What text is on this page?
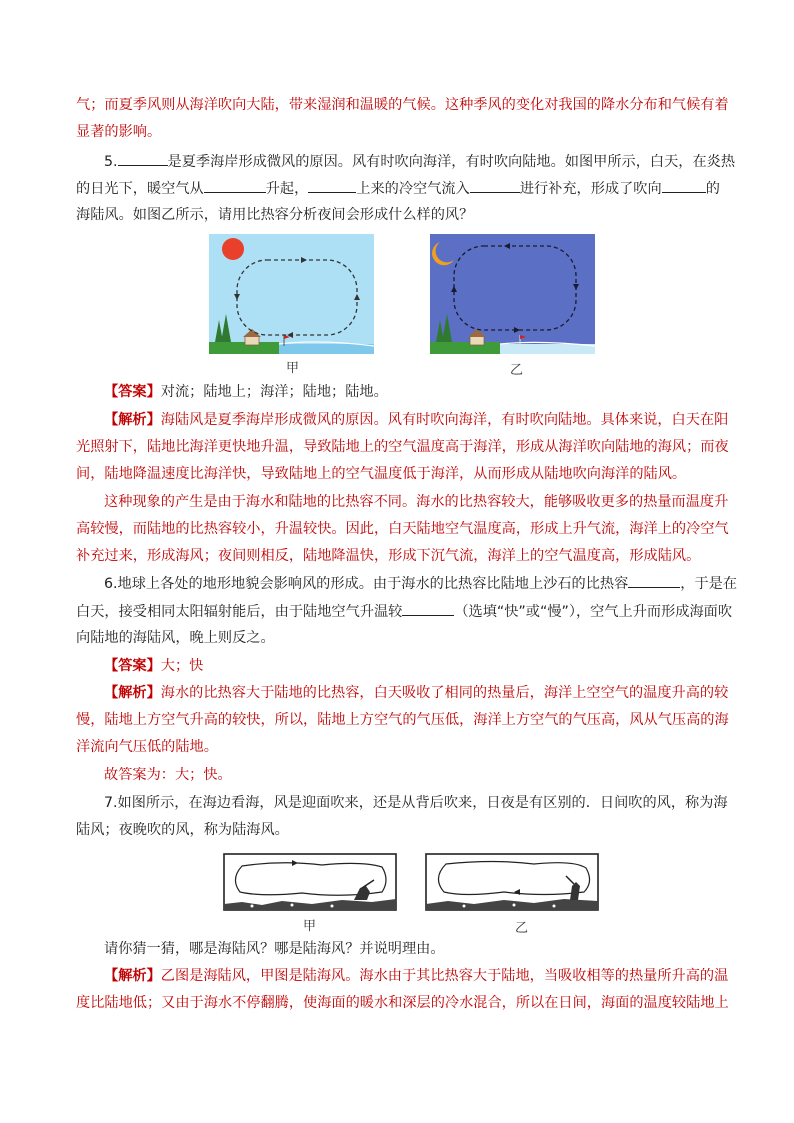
气；而夏季风则从海洋吹向大陆，带来湿润和温暖的气候。这种季风的变化对我国的降水分布和气候有着
显著的影响。
5.	是夏季海岸形成微风的原因。风有时吹向海洋，有时吹向陆地。如图甲所示，白天，在炎热
的日光下，暖空气从	升起，	上来的冷空气流入	进行补充，形成了吹向	的
海陆风。如图乙所示，请用比热容分析夜间会形成什么样的风？
甲	乙
【答案】对流；陆地上；海洋；陆地；陆地。
【解析】海陆风是夏季海岸形成微风的原因。风有时吹向海洋，有时吹向陆地。具体来说，白天在阳
光照射下，陆地比海洋更快地升温，导致陆地上的空气温度高于海洋，形成从海洋吹向陆地的海风；而夜
间，陆地降温速度比海洋快，导致陆地上的空气温度低于海洋，从而形成从陆地吹向海洋的陆风。
这种现象的产生是由于海水和陆地的比热容不同。海水的比热容较大，能够吸收更多的热量而温度升
高较慢，而陆地的比热容较小，升温较快。因此，白天陆地空气温度高，形成上升气流，海洋上的冷空气
补充过来，形成海风；夜间则相反，陆地降温快，形成下沉气流，海洋上的空气温度高，形成陆风。
6.地球上各处的地形地貌会影响风的形成。由于海水的比热容比陆地上沙石的比热容	，于是在
白天，接受相同太阳辐射能后，由于陆地空气升温较	（选填“快”或“慢”），空气上升而形成海面吹
向陆地的海陆风，晚上则反之。
【答案】大；快
【解析】海水的比热容大于陆地的比热容，白天吸收了相同的热量后，海洋上空空气的温度升高的较
慢，陆地上方空气升高的较快，所以，陆地上方空气的气压低，海洋上方空气的气压高，风从气压高的海
洋流向气压低的陆地。
故答案为：大；快。
7.如图所示，在海边看海，风是迎面吹来，还是从背后吹来，日夜是有区别的．日间吹的风，称为海
陆风；夜晚吹的风，称为陆海风。
甲	乙
请你猜一猜，哪是海陆风？哪是陆海风？并说明理由。
【解析】乙图是海陆风，甲图是陆海风。海水由于其比热容大于陆地，当吸收相等的热量所升高的温
度比陆地低；又由于海水不停翻腾，使海面的暖水和深层的冷水混合，所以在日间，海面的温度较陆地上
